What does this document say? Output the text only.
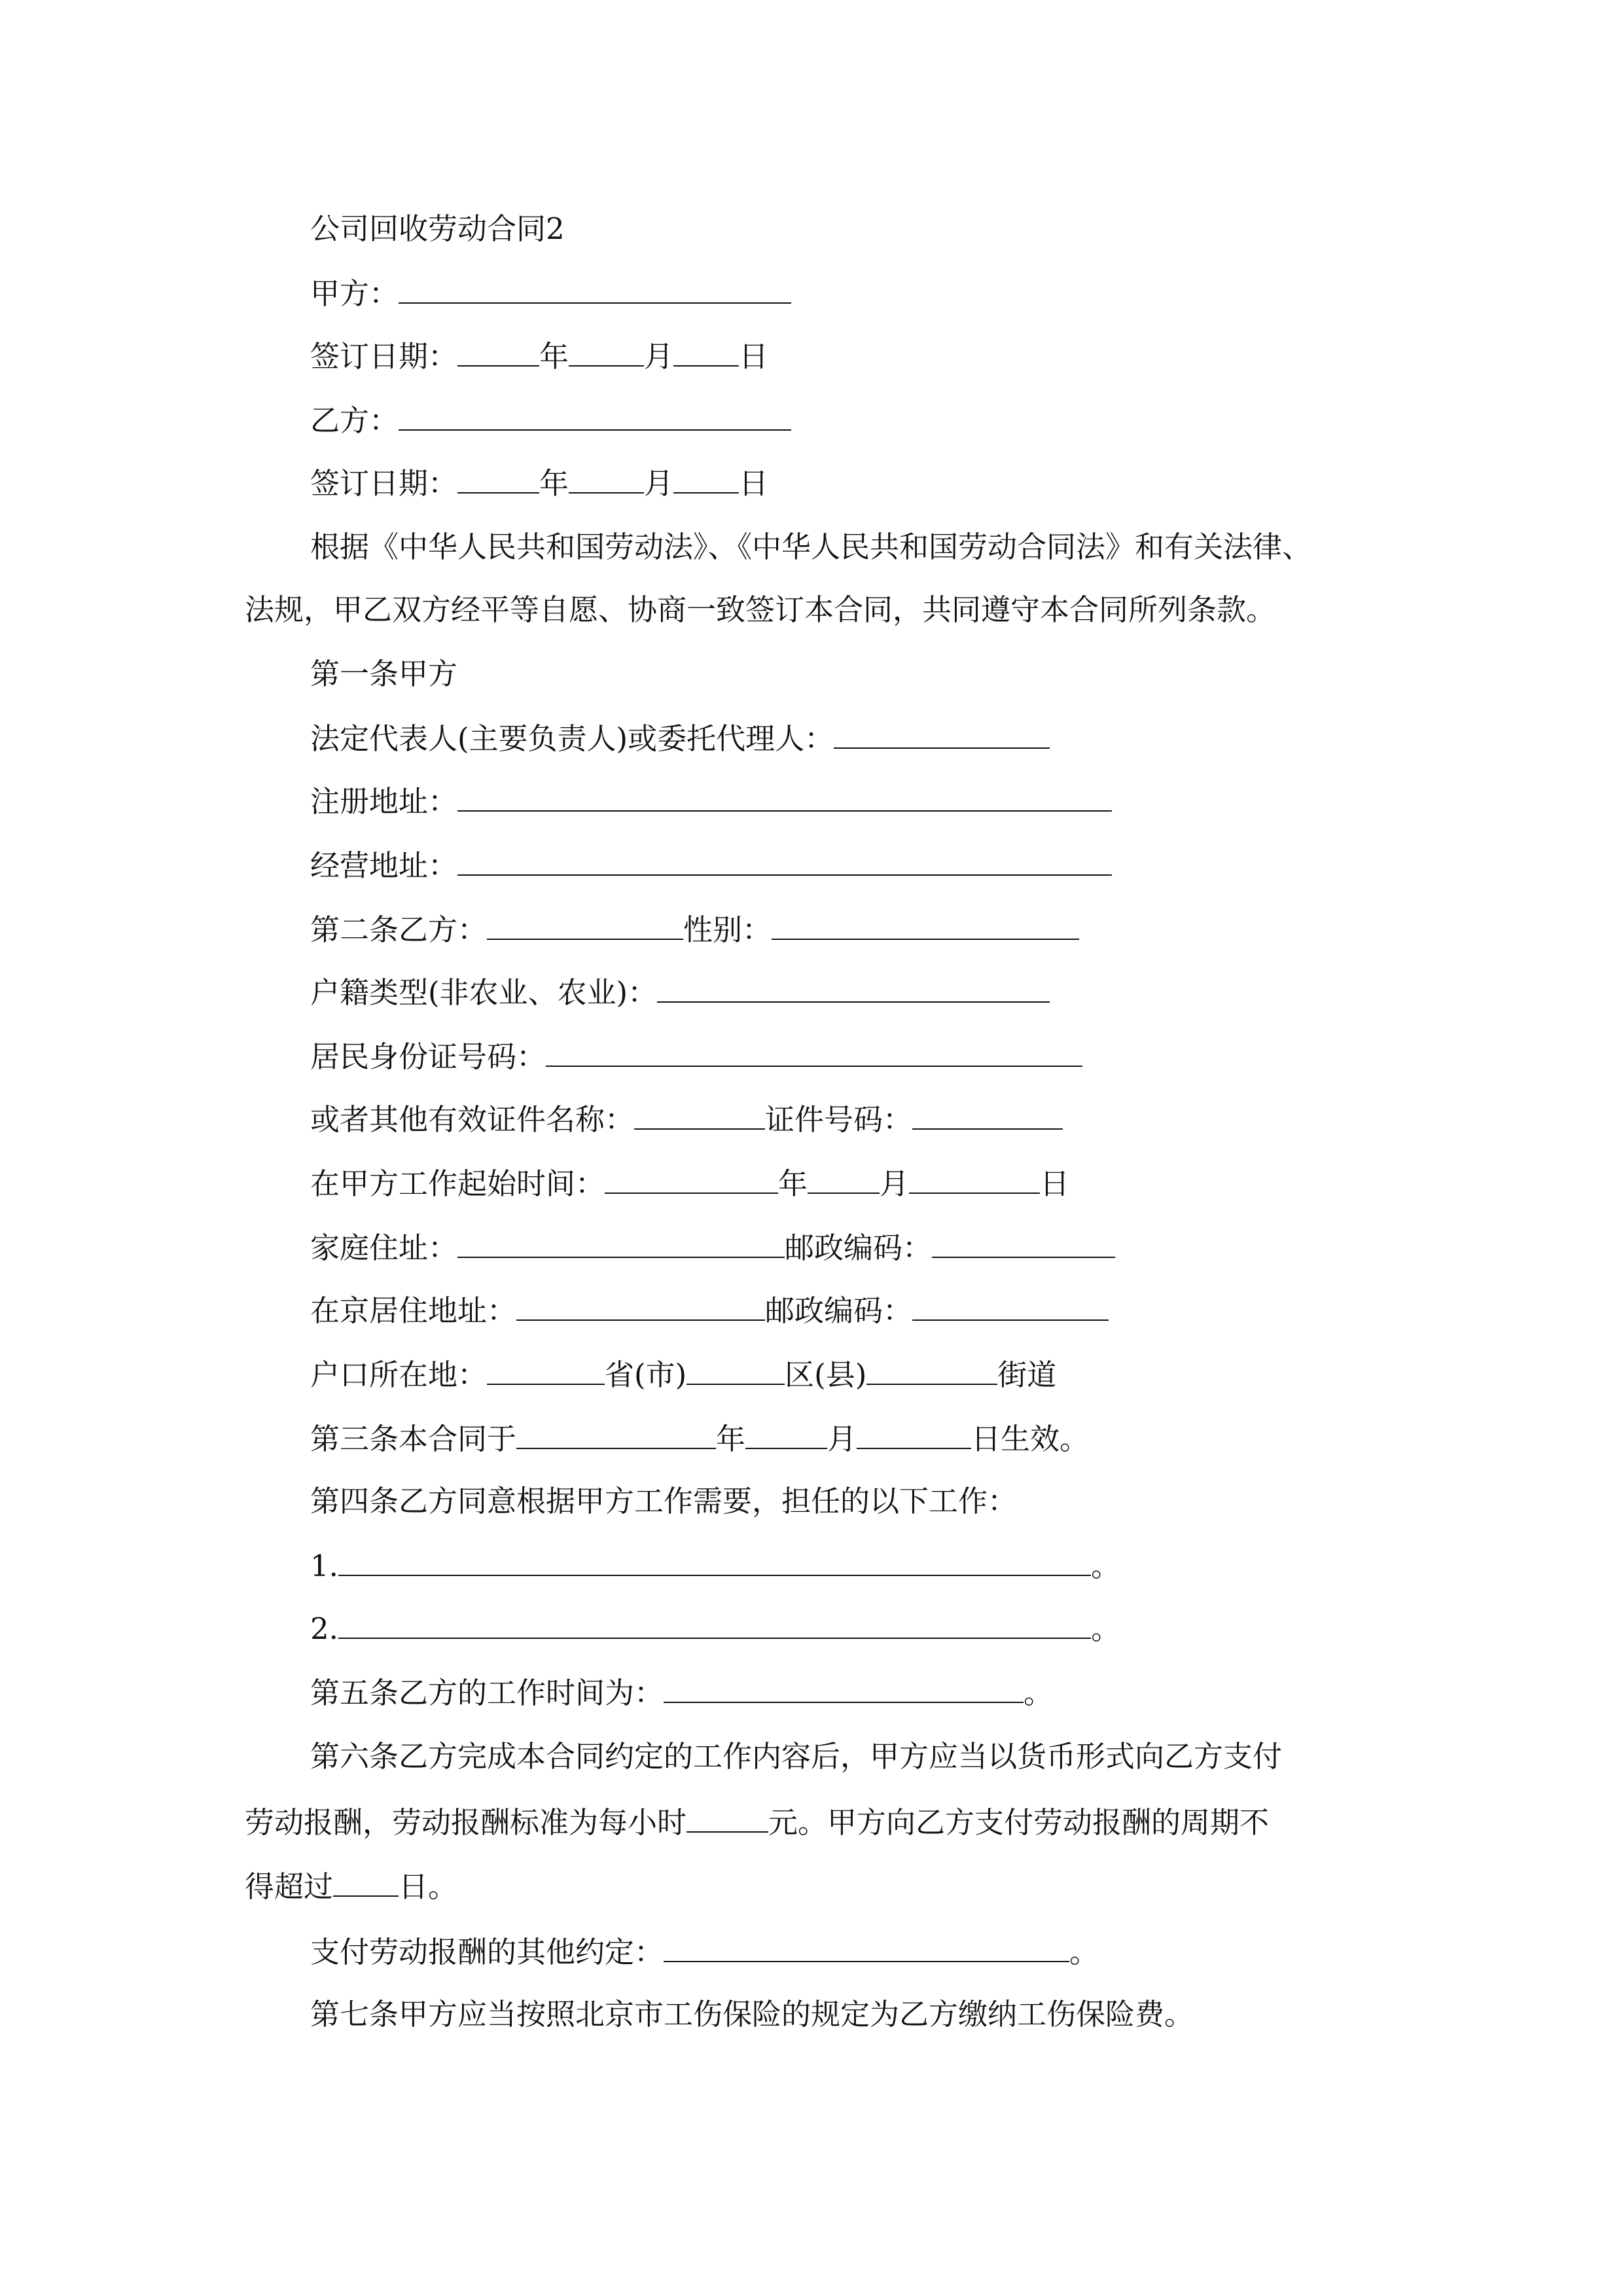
公司回收劳动合同2
甲方：
签订日期：	年	月 日
乙方：
签订日期：	年	月 日
根据《中华人民共和国劳动法》、《中华人民共和国劳动合同法》和有关法律、
法规，甲乙双方经平等自愿、协商一致签订本合同，共同遵守本合同所列条款。
第一条甲方
法定代表人(主要负责人)或委托代理人：
注册地址：
经营地址：
第二条乙方：	性别：
户籍类型(非农业、农业)：
居民身份证号码：
或者其他有效证件名称：	证件号码：
在甲方工作起始时间：	年 月	日
家庭住址：	邮政编码：
在京居住地址：	邮政编码：
户口所在地：	省(市)	区(县)	街道
第三条本合同于	年	月	日生效。
第四条乙方同意根据甲方工作需要，担任的以下工作：
1.	。
2.	。
第五条乙方的工作时间为：	。
第六条乙方完成本合同约定的工作内容后，甲方应当以货币形式向乙方支付
劳动报酬，劳动报酬标准为每小时	元。甲方向乙方支付劳动报酬的周期不
得超过 日。
支付劳动报酬的其他约定：	。
第七条甲方应当按照北京市工伤保险的规定为乙方缴纳工伤保险费。
